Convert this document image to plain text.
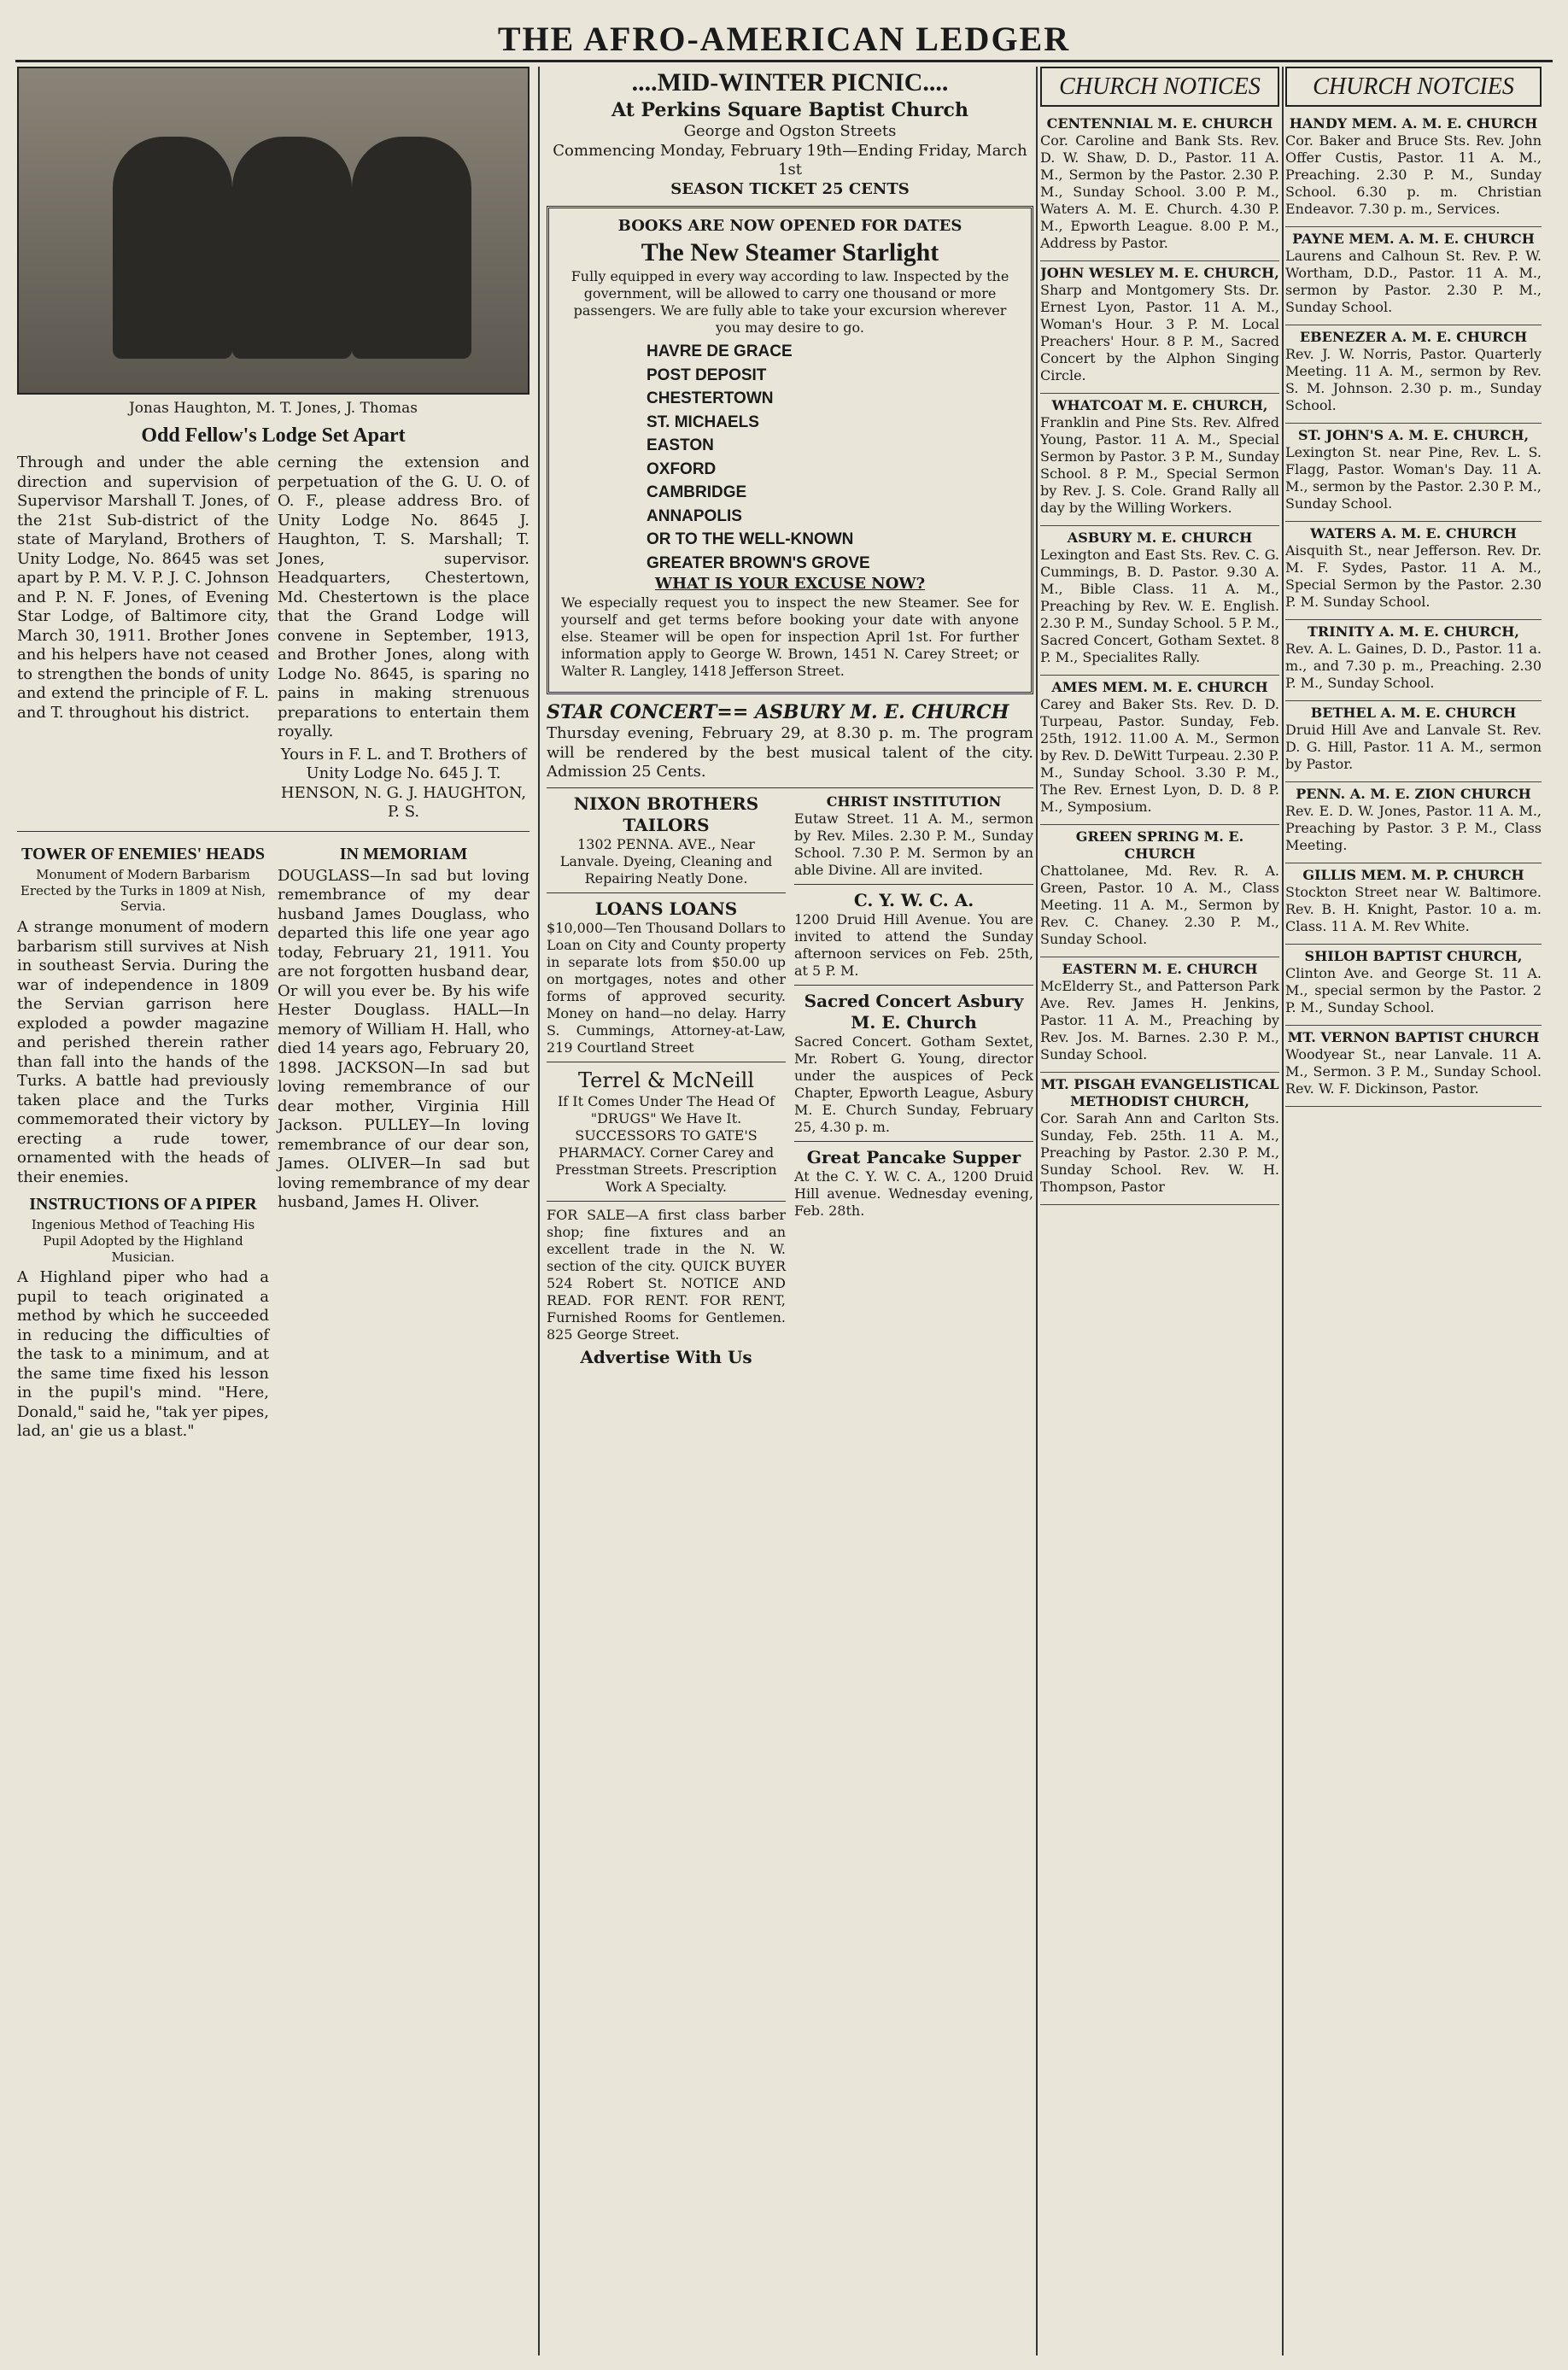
THE AFRO-AMERICAN LEDGER
Jonas Haughton, M. T. Jones, J. Thomas
Odd Fellow's Lodge Set Apart

Through and under the able direction and supervision of Supervisor Marshall T. Jones, of the 21st Sub-district of the state of Maryland, Brothers of Unity Lodge, No. 8645 was set apart by P. M. V. P. J. C. Johnson and P. N. F. Jones, of Evening Star Lodge, of Baltimore city, March 30, 1911. Brother Jones and his helpers have not ceased to strengthen the bonds of unity and extend the principle of F. L. and T. throughout his district.

cerning the extension and perpetuation of the G. U. O. of O. F., please address Bro. of Unity Lodge No. 8645 J. Haughton, T. S. Marshall; T. Jones, supervisor. Headquarters, Chestertown, Md. Chestertown is the place that the Grand Lodge will convene in September, 1913, and Brother Jones, along with Lodge No. 8645, is sparing no pains in making strenuous preparations to entertain them royally.

Yours in F. L. and T. Brothers of Unity Lodge No. 645 J. T. HENSON, N. G. J. HAUGHTON, P. S.

TOWER OF ENEMIES' HEADS

Monument of Modern Barbarism Erected by the Turks in 1809 at Nish, Servia.

A strange monument of modern barbarism still survives at Nish in southeast Servia. During the war of independence in 1809 the Servian garrison here exploded a powder magazine and perished therein rather than fall into the hands of the Turks. A battle had previously taken place and the Turks commemorated their victory by erecting a rude tower, ornamented with the heads of their enemies.

INSTRUCTIONS OF A PIPER

Ingenious Method of Teaching His Pupil Adopted by the Highland Musician.

A Highland piper who had a pupil to teach originated a method by which he succeeded in reducing the difficulties of the task to a minimum, and at the same time fixed his lesson in the pupil's mind. "Here, Donald," said he, "tak yer pipes, lad, an' gie us a blast."

IN MEMORIAM

DOUGLASS—In sad but loving remembrance of my dear husband James Douglass, who departed this life one year ago today, February 21, 1911. You are not forgotten husband dear, Or will you ever be. By his wife Hester Douglass. HALL—In memory of William H. Hall, who died 14 years ago, February 20, 1898. JACKSON—In sad but loving remembrance of our dear mother, Virginia Hill Jackson. PULLEY—In loving remembrance of our dear son, James. OLIVER—In sad but loving remembrance of my dear husband, James H. Oliver.

....MID-WINTER PICNIC....
At Perkins Square Baptist Church
George and Ogston Streets
Commencing Monday, February 19th—Ending Friday, March 1st
SEASON TICKET 25 CENTS
BOOKS ARE NOW OPENED FOR DATES
The New Steamer Starlight

Fully equipped in every way according to law. Inspected by the government, will be allowed to carry one thousand or more passengers. We are fully able to take your excursion wherever you may desire to go.

HAVRE DE GRACE
POST DEPOSIT
CHESTERTOWN
ST. MICHAELS
EASTON
OXFORD
CAMBRIDGE
ANNAPOLIS
OR TO THE WELL-KNOWN
GREATER BROWN'S GROVE
WHAT IS YOUR EXCUSE NOW?

We especially request you to inspect the new Steamer. See for yourself and get terms before booking your date with anyone else. Steamer will be open for inspection April 1st. For further information apply to George W. Brown, 1451 N. Carey Street; or Walter R. Langley, 1418 Jefferson Street.

STAR CONCERT== ASBURY M. E. CHURCH

Thursday evening, February 29, at 8.30 p. m. The program will be rendered by the best musical talent of the city. Admission 25 Cents.

NIXON BROTHERS TAILORS

1302 PENNA. AVE., Near Lanvale. Dyeing, Cleaning and Repairing Neatly Done.

LOANS LOANS

$10,000—Ten Thousand Dollars to Loan on City and County property in separate lots from $50.00 up on mortgages, notes and other forms of approved security. Money on hand—no delay. Harry S. Cummings, Attorney-at-Law, 219 Courtland Street

Terrel & McNeill

If It Comes Under The Head Of "DRUGS" We Have It. SUCCESSORS TO GATE'S PHARMACY. Corner Carey and Presstman Streets. Prescription Work A Specialty.

FOR SALE—A first class barber shop; fine fixtures and an excellent trade in the N. W. section of the city. QUICK BUYER 524 Robert St. NOTICE AND READ. FOR RENT. FOR RENT, Furnished Rooms for Gentlemen. 825 George Street.

Advertise With Us
CHRIST INSTITUTION

Eutaw Street. 11 A. M., sermon by Rev. Miles. 2.30 P. M., Sunday School. 7.30 P. M. Sermon by an able Divine. All are invited.

C. Y. W. C. A.

1200 Druid Hill Avenue. You are invited to attend the Sunday afternoon services on Feb. 25th, at 5 P. M.

Sacred Concert Asbury M. E. Church

Sacred Concert. Gotham Sextet, Mr. Robert G. Young, director under the auspices of Peck Chapter, Epworth League, Asbury M. E. Church Sunday, February 25, 4.30 p. m.

Great Pancake Supper

At the C. Y. W. C. A., 1200 Druid Hill avenue. Wednesday evening, Feb. 28th.

CHURCH NOTICES
CENTENNIAL M. E. CHURCH

Cor. Caroline and Bank Sts. Rev. D. W. Shaw, D. D., Pastor. 11 A. M., Sermon by the Pastor. 2.30 P. M., Sunday School. 3.00 P. M., Waters A. M. E. Church. 4.30 P. M., Epworth League. 8.00 P. M., Address by Pastor.

JOHN WESLEY M. E. CHURCH,

Sharp and Montgomery Sts. Dr. Ernest Lyon, Pastor. 11 A. M., Woman's Hour. 3 P. M. Local Preachers' Hour. 8 P. M., Sacred Concert by the Alphon Singing Circle.

WHATCOAT M. E. CHURCH,

Franklin and Pine Sts. Rev. Alfred Young, Pastor. 11 A. M., Special Sermon by Pastor. 3 P. M., Sunday School. 8 P. M., Special Sermon by Rev. J. S. Cole. Grand Rally all day by the Willing Workers.

ASBURY M. E. CHURCH

Lexington and East Sts. Rev. C. G. Cummings, B. D. Pastor. 9.30 A. M., Bible Class. 11 A. M., Preaching by Rev. W. E. English. 2.30 P. M., Sunday School. 5 P. M., Sacred Concert, Gotham Sextet. 8 P. M., Specialites Rally.

AMES MEM. M. E. CHURCH

Carey and Baker Sts. Rev. D. D. Turpeau, Pastor. Sunday, Feb. 25th, 1912. 11.00 A. M., Sermon by Rev. D. DeWitt Turpeau. 2.30 P. M., Sunday School. 3.30 P. M., The Rev. Ernest Lyon, D. D. 8 P. M., Symposium.

GREEN SPRING M. E. CHURCH

Chattolanee, Md. Rev. R. A. Green, Pastor. 10 A. M., Class Meeting. 11 A. M., Sermon by Rev. C. Chaney. 2.30 P. M., Sunday School.

EASTERN M. E. CHURCH

McElderry St., and Patterson Park Ave. Rev. James H. Jenkins, Pastor. 11 A. M., Preaching by Rev. Jos. M. Barnes. 2.30 P. M., Sunday School.

MT. PISGAH EVANGELISTICAL METHODIST CHURCH,

Cor. Sarah Ann and Carlton Sts. Sunday, Feb. 25th. 11 A. M., Preaching by Pastor. 2.30 P. M., Sunday School. Rev. W. H. Thompson, Pastor

CHURCH NOTCIES
HANDY MEM. A. M. E. CHURCH

Cor. Baker and Bruce Sts. Rev. John Offer Custis, Pastor. 11 A. M., Preaching. 2.30 P. M., Sunday School. 6.30 p. m. Christian Endeavor. 7.30 p. m., Services.

PAYNE MEM. A. M. E. CHURCH

Laurens and Calhoun St. Rev. P. W. Wortham, D.D., Pastor. 11 A. M., sermon by Pastor. 2.30 P. M., Sunday School.

EBENEZER A. M. E. CHURCH

Rev. J. W. Norris, Pastor. Quarterly Meeting. 11 A. M., sermon by Rev. S. M. Johnson. 2.30 p. m., Sunday School.

ST. JOHN'S A. M. E. CHURCH,

Lexington St. near Pine, Rev. L. S. Flagg, Pastor. Woman's Day. 11 A. M., sermon by the Pastor. 2.30 P. M., Sunday School.

WATERS A. M. E. CHURCH

Aisquith St., near Jefferson. Rev. Dr. M. F. Sydes, Pastor. 11 A. M., Special Sermon by the Pastor. 2.30 P. M. Sunday School.

TRINITY A. M. E. CHURCH,

Rev. A. L. Gaines, D. D., Pastor. 11 a. m., and 7.30 p. m., Preaching. 2.30 P. M., Sunday School.

BETHEL A. M. E. CHURCH

Druid Hill Ave and Lanvale St. Rev. D. G. Hill, Pastor. 11 A. M., sermon by Pastor.

PENN. A. M. E. ZION CHURCH

Rev. E. D. W. Jones, Pastor. 11 A. M., Preaching by Pastor. 3 P. M., Class Meeting.

GILLIS MEM. M. P. CHURCH

Stockton Street near W. Baltimore. Rev. B. H. Knight, Pastor. 10 a. m. Class. 11 A. M. Rev White.

SHILOH BAPTIST CHURCH,

Clinton Ave. and George St. 11 A. M., special sermon by the Pastor. 2 P. M., Sunday School.

MT. VERNON BAPTIST CHURCH

Woodyear St., near Lanvale. 11 A. M., Sermon. 3 P. M., Sunday School. Rev. W. F. Dickinson, Pastor.
